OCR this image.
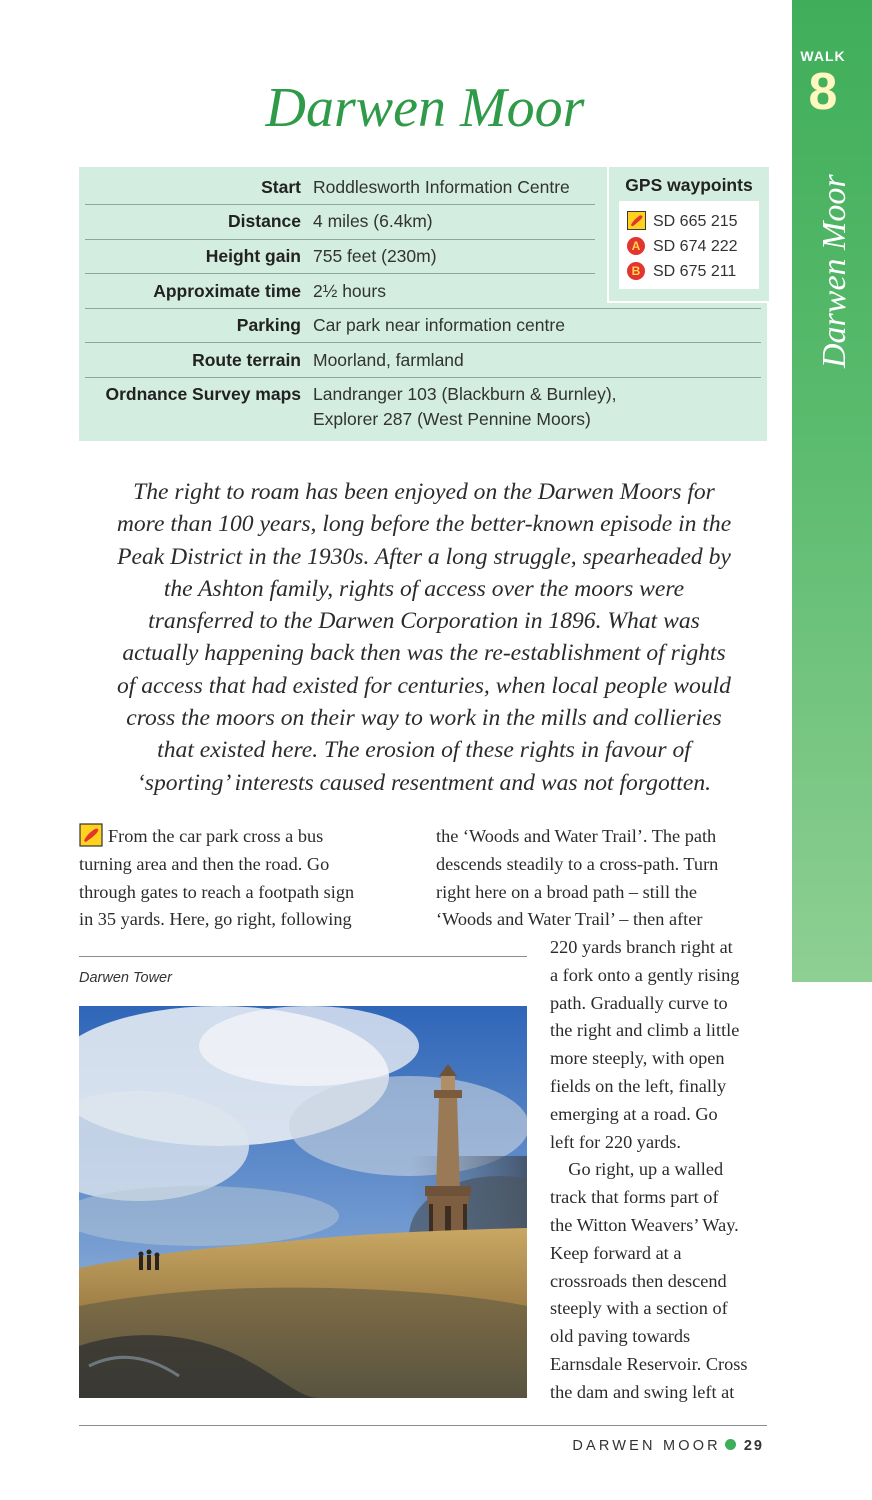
WALK
8
Darwen Moor
Darwen Moor
Start Roddlesworth Information Centre
Distance 4 miles (6.4km)
Height gain 755 feet (230m)
Approximate time 2½ hours
Parking Car park near information centre
Route terrain Moorland, farmland
Ordnance Survey maps Landranger 103 (Blackburn & Burnley),
Explorer 287 (West Pennine Moors)
GPS waypoints
SD 665 215
A SD 674 222
B SD 675 211
The right to roam has been enjoyed on the Darwen Moors for
more than 100 years, long before the better-known episode in the
Peak District in the 1930s. After a long struggle, spearheaded by
the Ashton family, rights of access over the moors were
transferred to the Darwen Corporation in 1896. What was
actually happening back then was the re-establishment of rights
of access that had existed for centuries, when local people would
cross the moors on their way to work in the mills and collieries
that existed here. The erosion of these rights in favour of
‘sporting’ interests caused resentment and was not forgotten.
From the car park cross a bus
turning area and then the road. Go
through gates to reach a footpath sign
in 35 yards. Here, go right, following
the ‘Woods and Water Trail’. The path
descends steadily to a cross-path. Turn
right here on a broad path – still the
‘Woods and Water Trail’ – then after
220 yards branch right at
a fork onto a gently rising
path. Gradually curve to
the right and climb a little
more steeply, with open
fields on the left, finally
emerging at a road. Go
left for 220 yards.
 Go right, up a walled
track that forms part of
the Witton Weavers’ Way.
Keep forward at a
crossroads then descend
steeply with a section of
old paving towards
Earnsdale Reservoir. Cross
the dam and swing left at
Darwen Tower
DARWEN MOOR 29
